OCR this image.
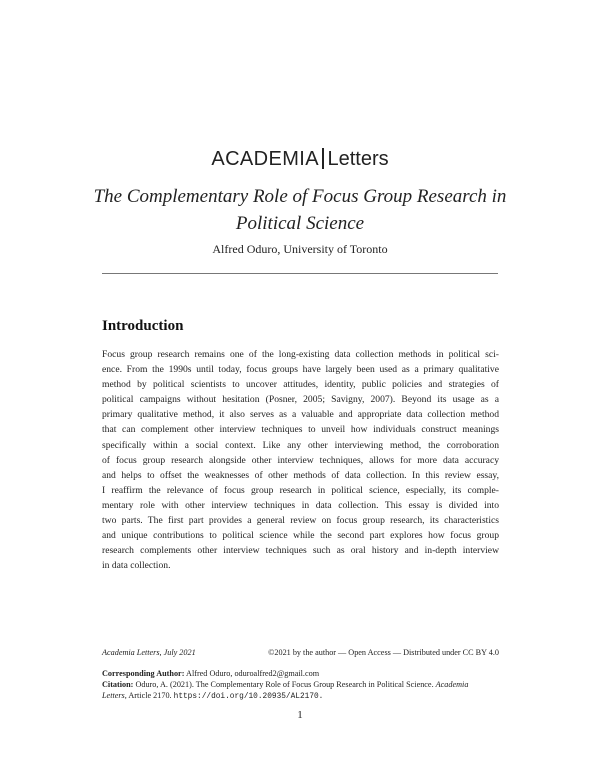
ACADEMIA Letters
The Complementary Role of Focus Group Research in
Political Science
Alfred Oduro, University of Toronto
Introduction
Focus group research remains one of the long-existing data collection methods in political sci-
ence. From the 1990s until today, focus groups have largely been used as a primary qualitative
method by political scientists to uncover attitudes, identity, public policies and strategies of
political campaigns without hesitation (Posner, 2005; Savigny, 2007). Beyond its usage as a
primary qualitative method, it also serves as a valuable and appropriate data collection method
that can complement other interview techniques to unveil how individuals construct meanings
specifically within a social context. Like any other interviewing method, the corroboration
of focus group research alongside other interview techniques, allows for more data accuracy
and helps to offset the weaknesses of other methods of data collection. In this review essay,
I reaffirm the relevance of focus group research in political science, especially, its comple-
mentary role with other interview techniques in data collection. This essay is divided into
two parts. The first part provides a general review on focus group research, its characteristics
and unique contributions to political science while the second part explores how focus group
research complements other interview techniques such as oral history and in-depth interview
in data collection.
Academia Letters, July 2021	©2021 by the author — Open Access — Distributed under CC BY 4.0
Corresponding Author: Alfred Oduro, oduroalfred2@gmail.com
Citation: Oduro, A. (2021). The Complementary Role of Focus Group Research in Political Science. Academia
Letters, Article 2170. https://doi.org/10.20935/AL2170.
1
